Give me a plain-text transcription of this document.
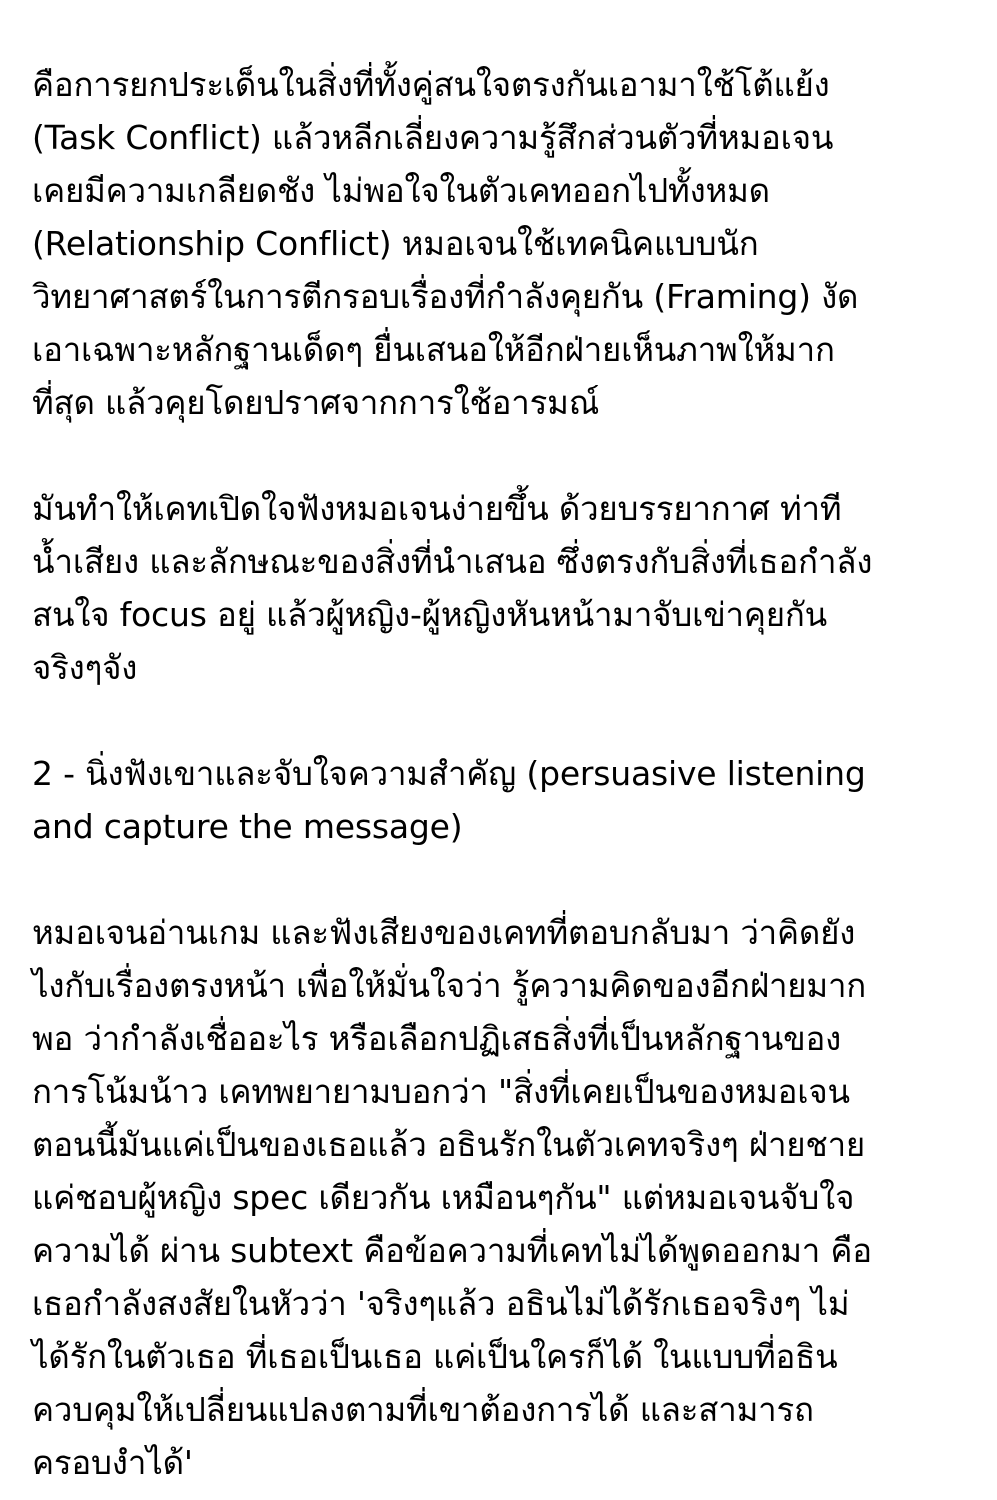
คือการยกประเด็นในสิ่งที่ทั้งคู่สนใจตรงกันเอามาใช้โต้แย้ง
(Task Conflict) แล้วหลีกเลี่ยงความรู้สึกส่วนตัวที่หมอเจน
เคยมีความเกลียดชัง ไม่พอใจในตัวเคทออกไปทั้งหมด
(Relationship Conflict) หมอเจนใช้เทคนิคแบบนัก
วิทยาศาสตร์ในการตีกรอบเรื่องที่กำลังคุยกัน (Framing) งัด
เอาเฉพาะหลักฐานเด็ดๆ ยื่นเสนอให้อีกฝ่ายเห็นภาพให้มาก
ที่สุด แล้วคุยโดยปราศจากการใช้อารมณ์
มันทำให้เคทเปิดใจฟังหมอเจนง่ายขึ้น ด้วยบรรยากาศ ท่าที
น้ำเสียง และลักษณะของสิ่งที่นำเสนอ ซึ่งตรงกับสิ่งที่เธอกำลัง
สนใจ focus อยู่ แล้วผู้หญิง-ผู้หญิงหันหน้ามาจับเข่าคุยกัน
จริงๆจัง
2 - นิ่งฟังเขาและจับใจความสำคัญ (persuasive listening
and capture the message)
หมอเจนอ่านเกม และฟังเสียงของเคทที่ตอบกลับมา ว่าคิดยัง
ไงกับเรื่องตรงหน้า เพื่อให้มั่นใจว่า รู้ความคิดของอีกฝ่ายมาก
พอ ว่ากำลังเชื่ออะไร หรือเลือกปฏิเสธสิ่งที่เป็นหลักฐานของ
การโน้มน้าว เคทพยายามบอกว่า "สิ่งที่เคยเป็นของหมอเจน
ตอนนี้มันแค่เป็นของเธอแล้ว อธินรักในตัวเคทจริงๆ ฝ่ายชาย
แค่ชอบผู้หญิง spec เดียวกัน เหมือนๆกัน" แต่หมอเจนจับใจ
ความได้ ผ่าน subtext คือข้อความที่เคทไม่ได้พูดออกมา คือ
เธอกำลังสงสัยในหัวว่า 'จริงๆแล้ว อธินไม่ได้รักเธอจริงๆ ไม่
ได้รักในตัวเธอ ที่เธอเป็นเธอ แค่เป็นใครก็ได้ ในแบบที่อธิน
ควบคุมให้เปลี่ยนแปลงตามที่เขาต้องการได้ และสามารถ
ครอบงำได้'
